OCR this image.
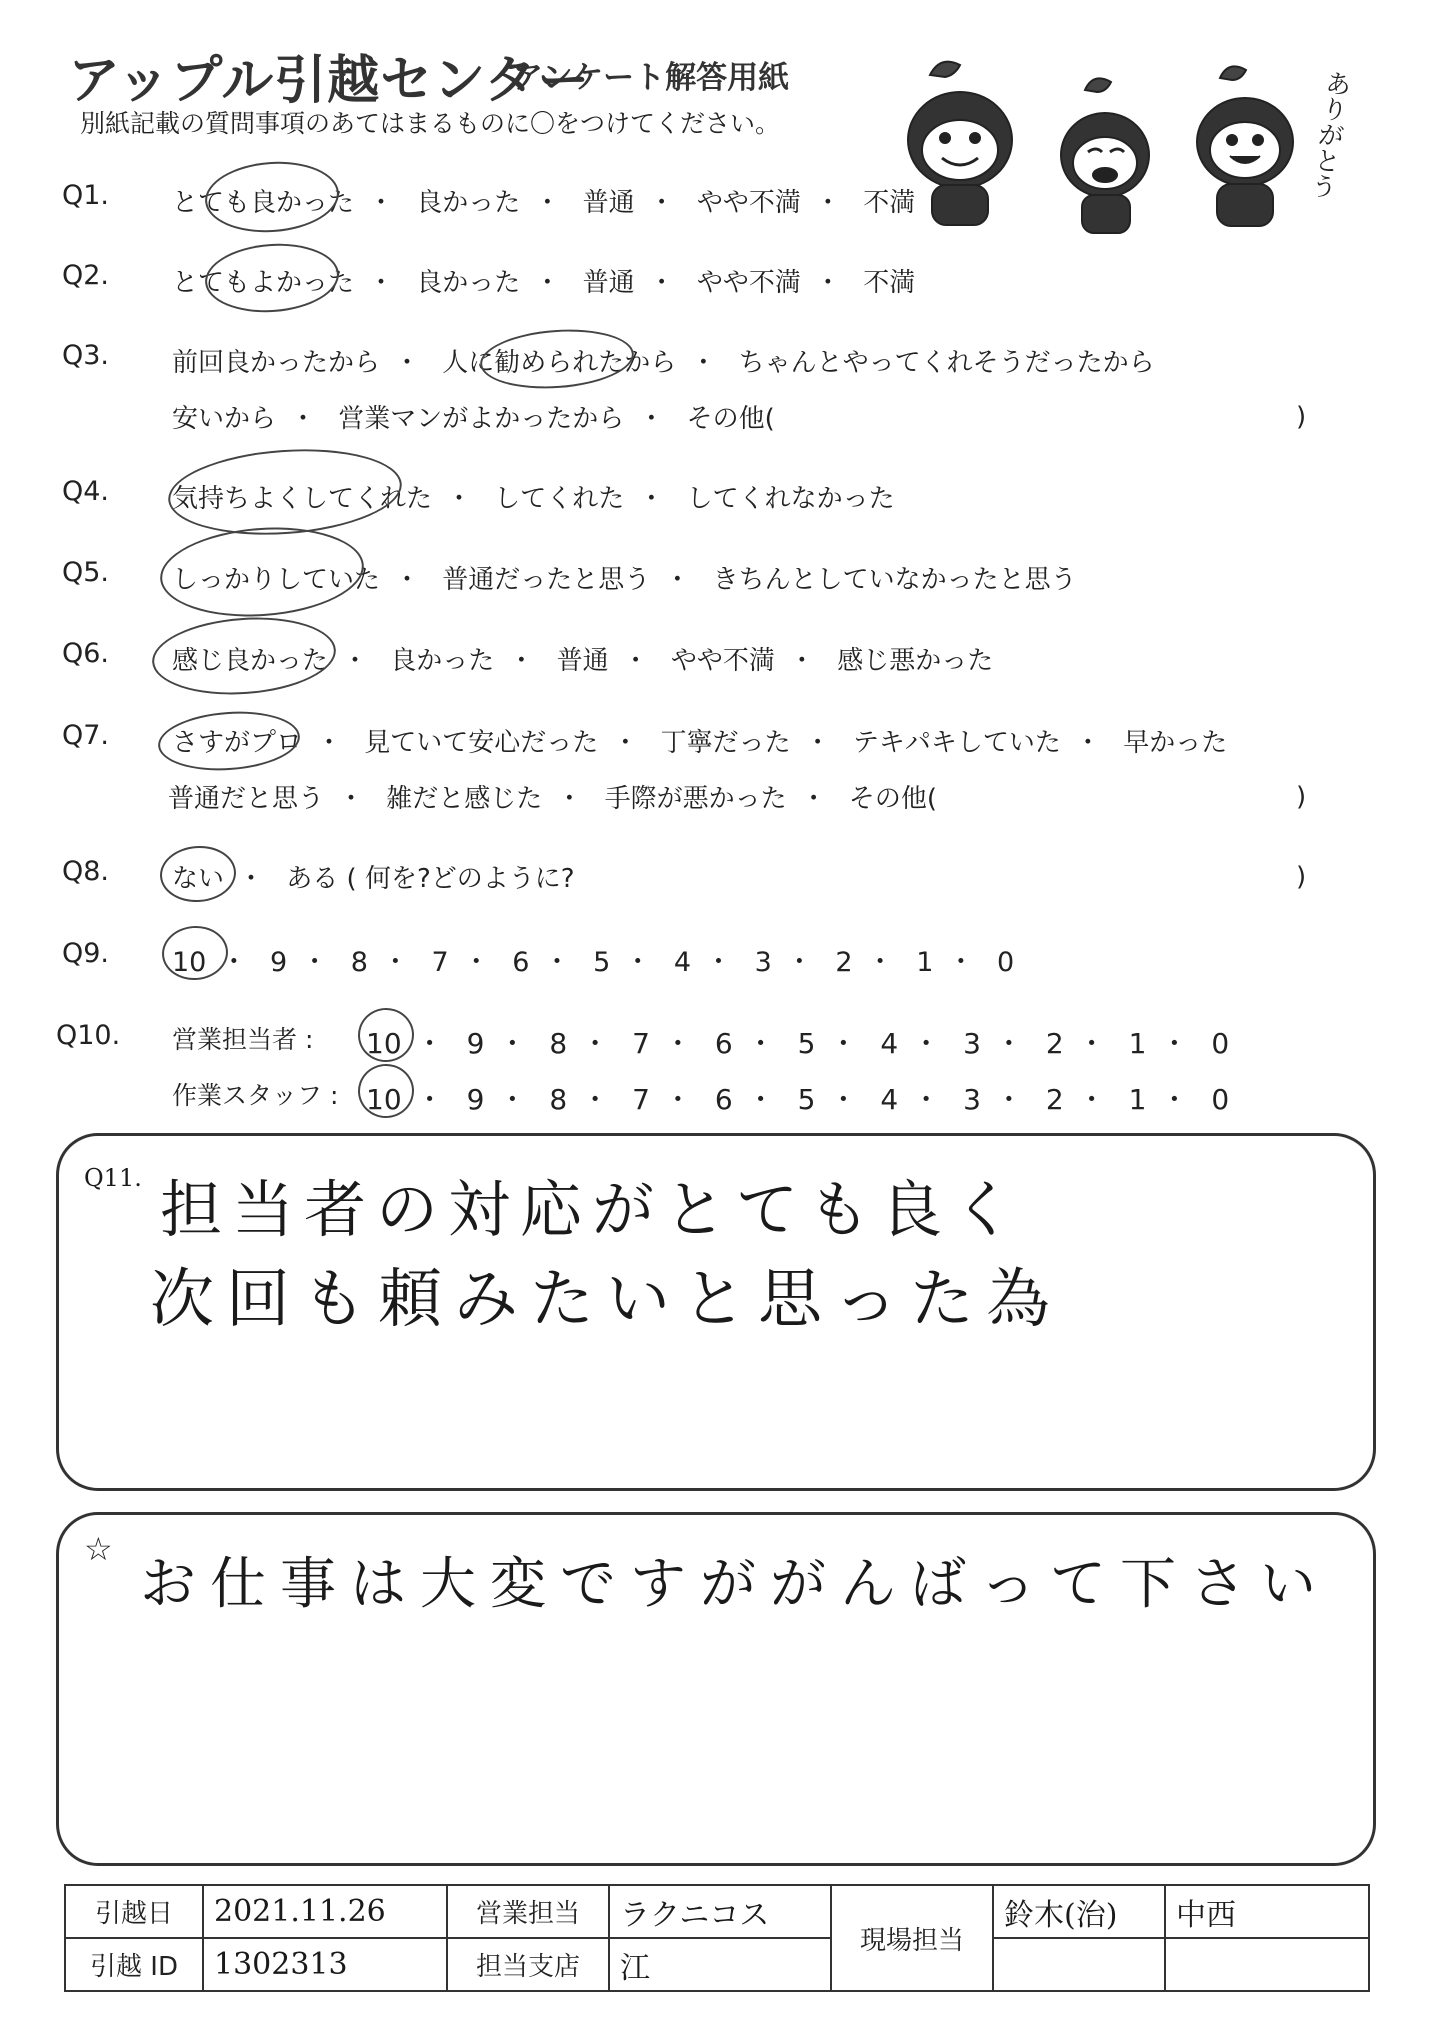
アップル引越センター
アンケート解答用紙
別紙記載の質問事項のあてはまるものに〇をつけてください。	ありがとう
Q1. とても良かった ・ 良かった ・ 普通 ・ やや不満 ・ 不満
Q2. とてもよかった ・ 良かった ・ 普通 ・ やや不満 ・ 不満
Q3. 前回良かったから ・ 人に勧められたから ・ ちゃんとやってくれそうだったから
安いから ・ 営業マンがよかったから ・ その他(	)
Q4. 気持ちよくしてくれた ・ してくれた ・ してくれなかった
Q5. しっかりしていた ・ 普通だったと思う ・ きちんとしていなかったと思う
Q6. 感じ良かった ・ 良かった ・ 普通 ・ やや不満 ・ 感じ悪かった
Q7. さすがプロ ・ 見ていて安心だった ・ 丁寧だった ・ テキパキしていた ・ 早かった
普通だと思う ・ 雑だと感じた ・ 手際が悪かった ・ その他(	)
Q8. ない ・ ある ( 何を?どのように?	)
Q9. 10 ・ 9 ・ 8 ・ 7 ・ 6 ・ 5 ・ 4 ・ 3 ・ 2 ・ 1 ・ 0
Q10. 営業担当者 : 10 ・ 9 ・ 8 ・ 7 ・ 6 ・ 5 ・ 4 ・ 3 ・ 2 ・ 1 ・ 0
作業スタッフ : 10 ・ 9 ・ 8 ・ 7 ・ 6 ・ 5 ・ 4 ・ 3 ・ 2 ・ 1 ・ 0
Q11. 担当者の対応がとても良く
次回も頼みたいと思った為
☆
お仕事は大変ですががんばって下さい
引越日	2021.11.26	営業担当	ラクニコス	現場担当	鈴木(治)	中西
引越 ID	1302313	担当支店	江			
